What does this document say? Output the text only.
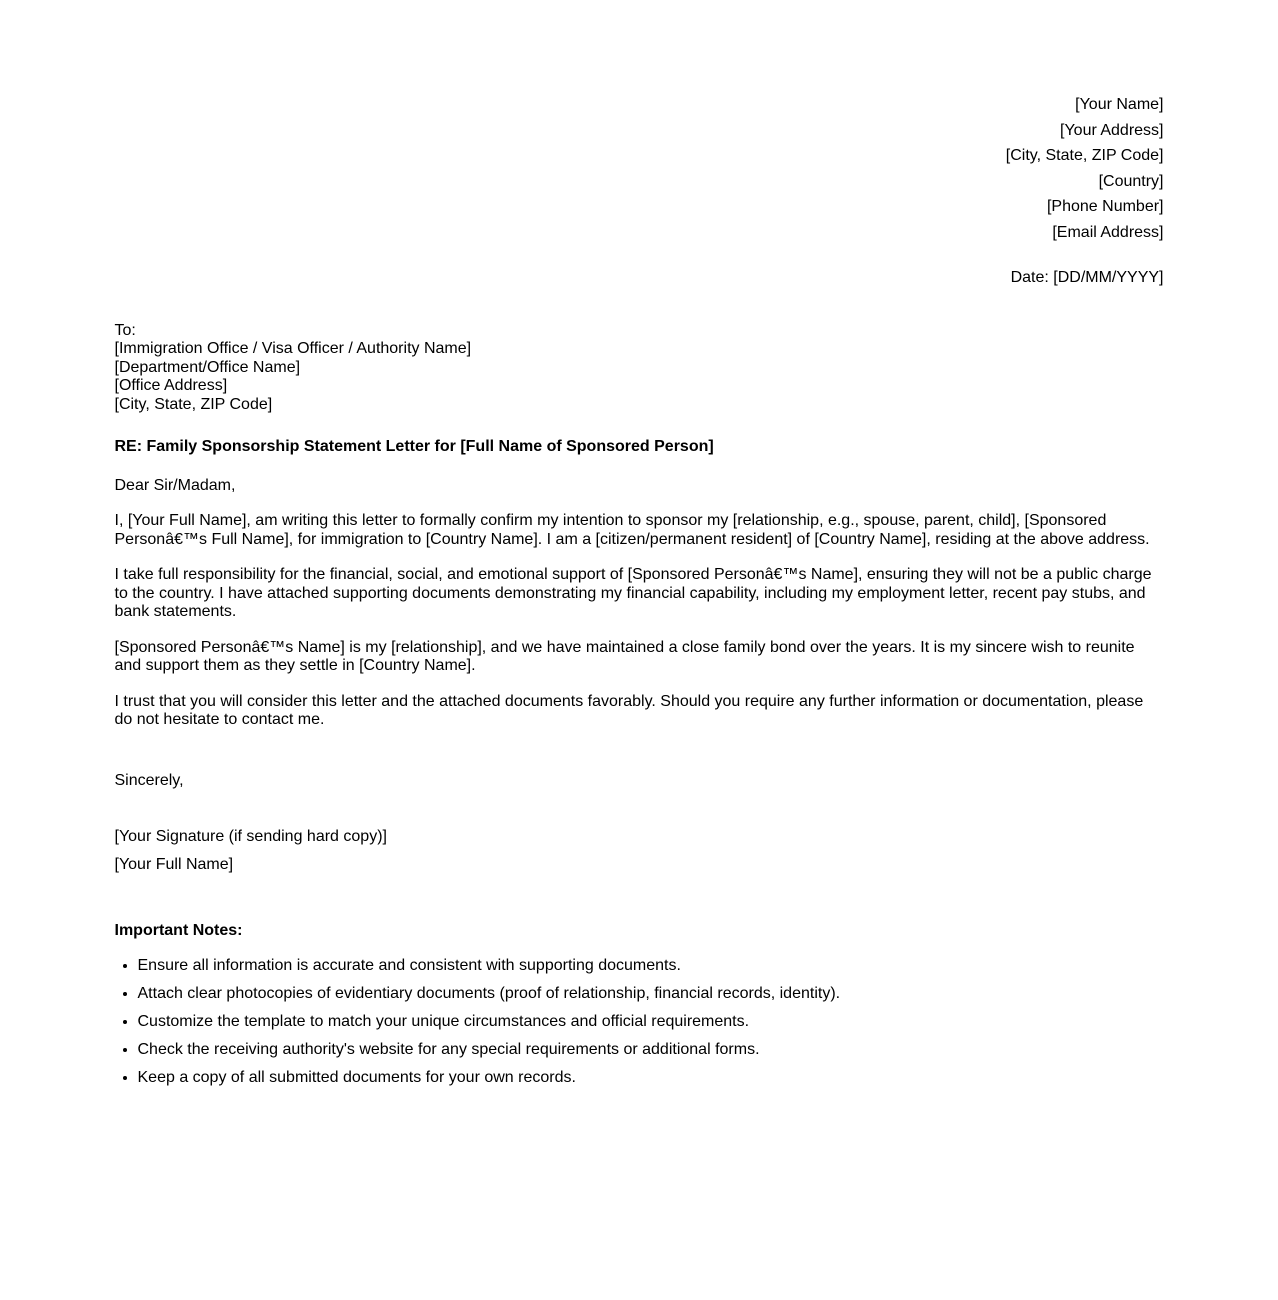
[Your Name]
[Your Address]
[City, State, ZIP Code]
[Country]
[Phone Number]
[Email Address]
Date: [DD/MM/YYYY]
To:
[Immigration Office / Visa Officer / Authority Name]
[Department/Office Name]
[Office Address]
[City, State, ZIP Code]

RE: Family Sponsorship Statement Letter for [Full Name of Sponsored Person]

Dear Sir/Madam,

I, [Your Full Name], am writing this letter to formally confirm my intention to sponsor my [relationship, e.g., spouse, parent, child], [Sponsored Personâ€™s Full Name], for immigration to [Country Name]. I am a [citizen/permanent resident] of [Country Name], residing at the above address.

I take full responsibility for the financial, social, and emotional support of [Sponsored Personâ€™s Name], ensuring they will not be a public charge to the country. I have attached supporting documents demonstrating my financial capability, including my employment letter, recent pay stubs, and bank statements.

[Sponsored Personâ€™s Name] is my [relationship], and we have maintained a close family bond over the years. It is my sincere wish to reunite and support them as they settle in [Country Name].

I trust that you will consider this letter and the attached documents favorably. Should you require any further information or documentation, please do not hesitate to contact me.

Sincerely,

[Your Signature (if sending hard copy)]

[Your Full Name]

Important Notes:

• Ensure all information is accurate and consistent with supporting documents.
• Attach clear photocopies of evidentiary documents (proof of relationship, financial records, identity).
• Customize the template to match your unique circumstances and official requirements.
• Check the receiving authority's website for any special requirements or additional forms.
• Keep a copy of all submitted documents for your own records.
